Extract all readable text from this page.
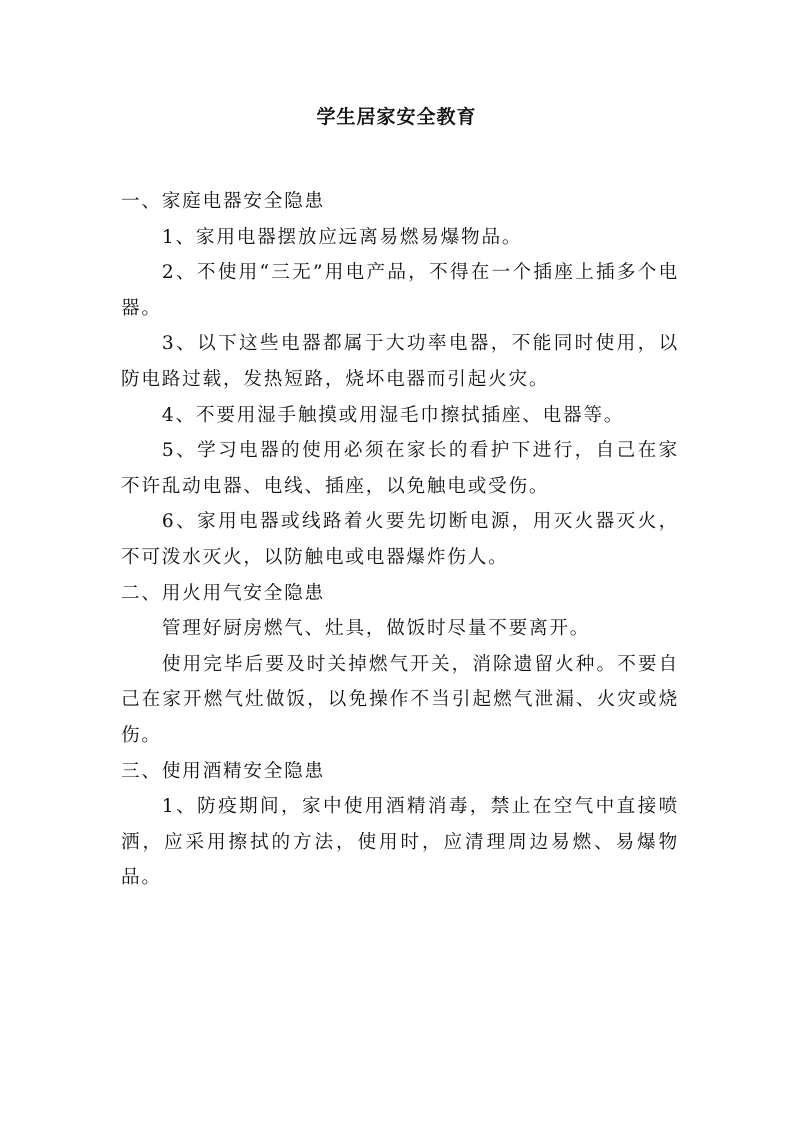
学生居家安全教育

一、家庭电器安全隐患

1、家用电器摆放应远离易燃易爆物品。

2、不使用“三无”用电产品，不得在一个插座上插多个电器。

3、以下这些电器都属于大功率电器，不能同时使用，以防电路过载，发热短路，烧坏电器而引起火灾。

4、不要用湿手触摸或用湿毛巾擦拭插座、电器等。

5、学习电器的使用必须在家长的看护下进行，自己在家不许乱动电器、电线、插座，以免触电或受伤。

6、家用电器或线路着火要先切断电源，用灭火器灭火，不可泼水灭火，以防触电或电器爆炸伤人。

二、用火用气安全隐患

管理好厨房燃气、灶具，做饭时尽量不要离开。

使用完毕后要及时关掉燃气开关，消除遗留火种。不要自己在家开燃气灶做饭，以免操作不当引起燃气泄漏、火灾或烧伤。

三、使用酒精安全隐患

1、防疫期间，家中使用酒精消毒，禁止在空气中直接喷洒，应采用擦拭的方法，使用时，应清理周边易燃、易爆物品。
